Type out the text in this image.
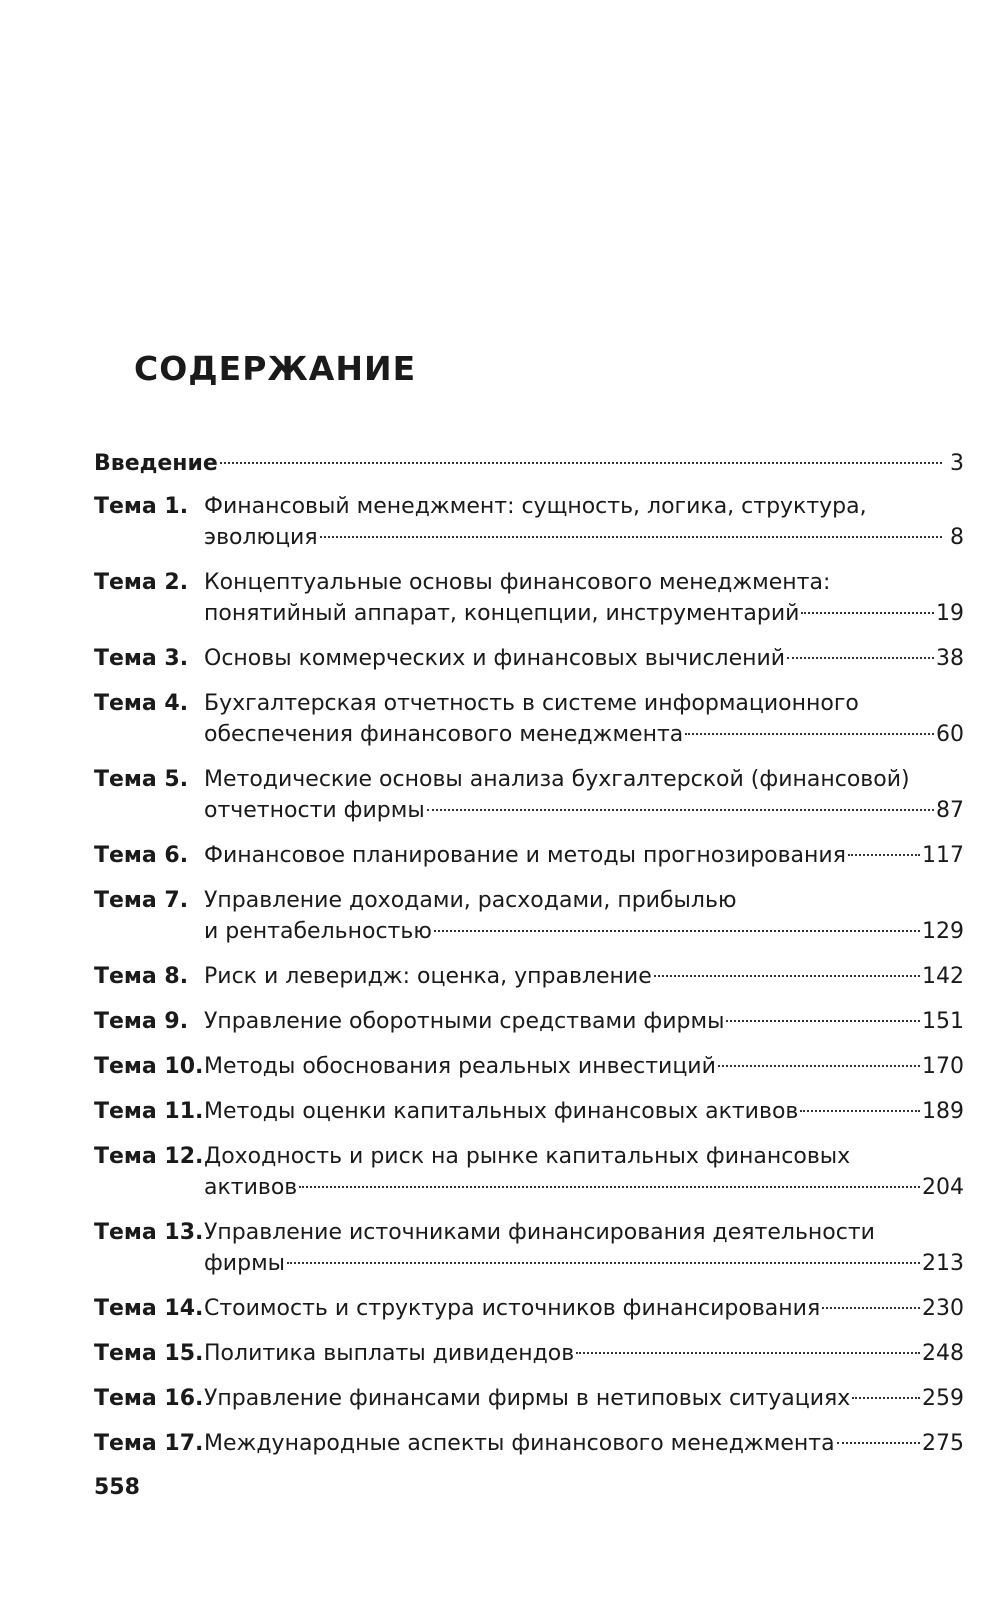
СОДЕРЖАНИЕ
Введение	3
Тема 1. Финансовый менеджмент: сущность, логика, структура,
эволюция	8
Тема 2. Концептуальные основы финансового менеджмента:
понятийный аппарат, концепции, инструментарий	19
Тема 3. Основы коммерческих и финансовых вычислений	38
Тема 4. Бухгалтерская отчетность в системе информационного
обеспечения финансового менеджмента	60
Тема 5. Методические основы анализа бухгалтерской (финансовой)
отчетности фирмы	87
Тема 6. Финансовое планирование и методы прогнозирования	117
Тема 7. Управление доходами, расходами, прибылью
и рентабельностью	129
Тема 8. Риск и леверидж: оценка, управление	142
Тема 9. Управление оборотными средствами фирмы	151
Тема 10. Методы обоснования реальных инвестиций	170
Тема 11. Методы оценки капитальных финансовых активов	189
Тема 12. Доходность и риск на рынке капитальных финансовых
активов	204
Тема 13. Управление источниками финансирования деятельности
фирмы	213
Тема 14. Стоимость и структура источников финансирования	230
Тема 15. Политика выплаты дивидендов	248
Тема 16. Управление финансами фирмы в нетиповых ситуациях	259
Тема 17. Международные аспекты финансового менеджмента	275

558
